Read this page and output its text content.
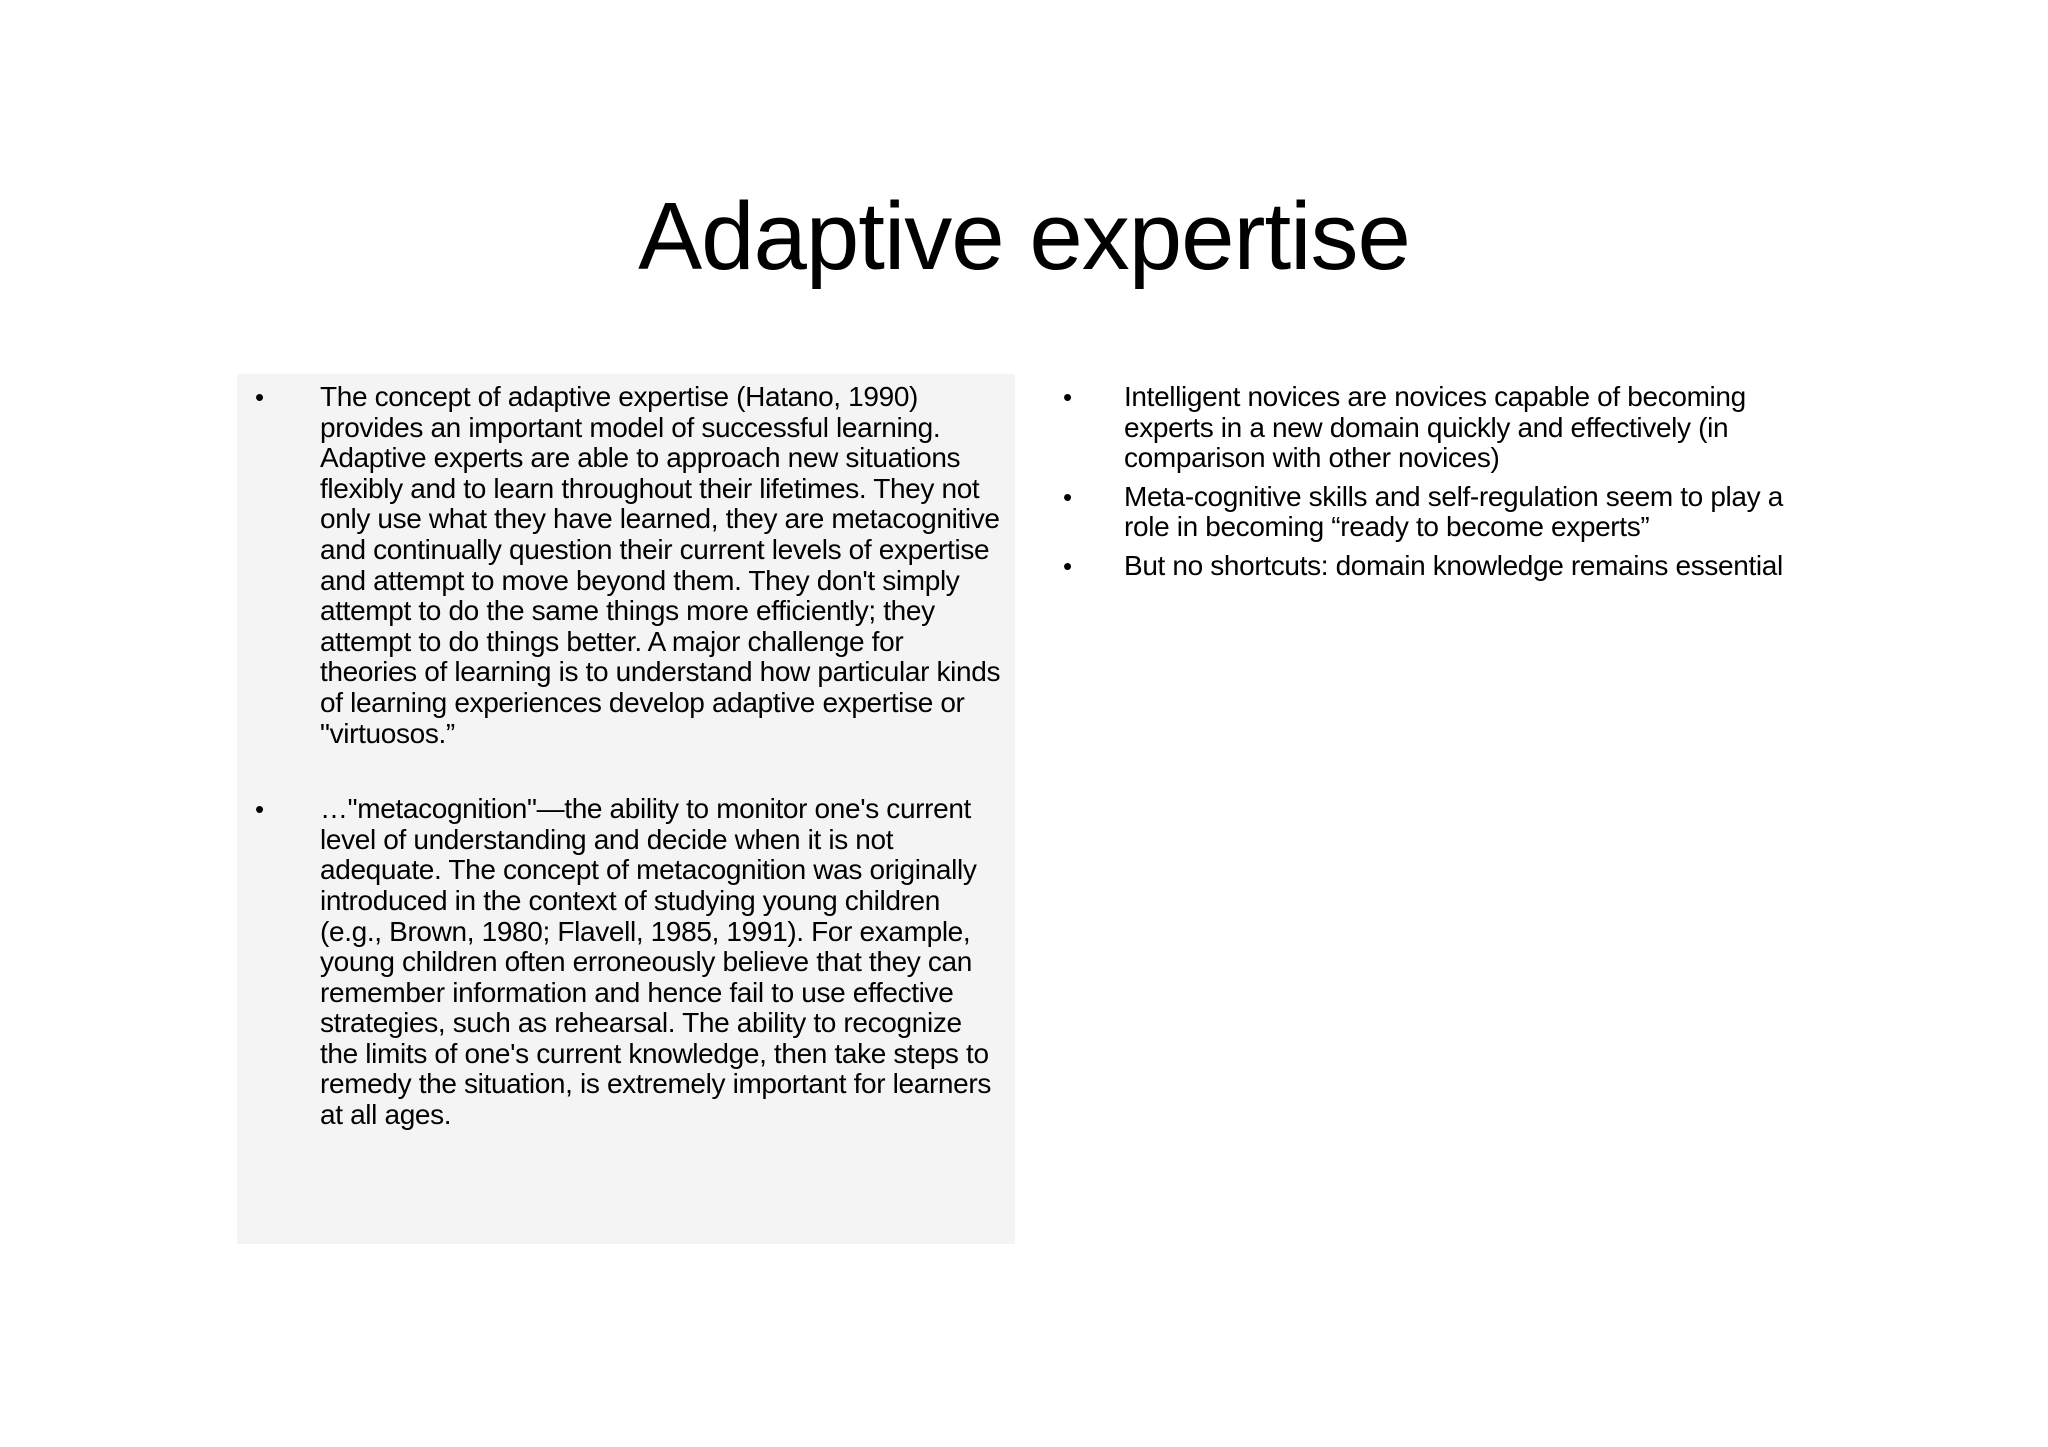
Adaptive expertise
• The concept of adaptive expertise (Hatano, 1990) provides an important model of successful learning. Adaptive experts are able to approach new situations flexibly and to learn throughout their lifetimes. They not only use what they have learned, they are metacognitive and continually question their current levels of expertise and attempt to move beyond them. They don't simply attempt to do the same things more efficiently; they attempt to do things better. A major challenge for theories of learning is to understand how particular kinds of learning experiences develop adaptive expertise or "virtuosos.”
• …"metacognition"—the ability to monitor one's current level of understanding and decide when it is not adequate. The concept of metacognition was originally introduced in the context of studying young children (e.g., Brown, 1980; Flavell, 1985, 1991). For example, young children often erroneously believe that they can remember information and hence fail to use effective strategies, such as rehearsal. The ability to recognize the limits of one's current knowledge, then take steps to remedy the situation, is extremely important for learners at all ages.
• Intelligent novices are novices capable of becoming experts in a new domain quickly and effectively (in comparison with other novices)
• Meta-cognitive skills and self-regulation seem to play a role in becoming “ready to become experts”
• But no shortcuts: domain knowledge remains essential
